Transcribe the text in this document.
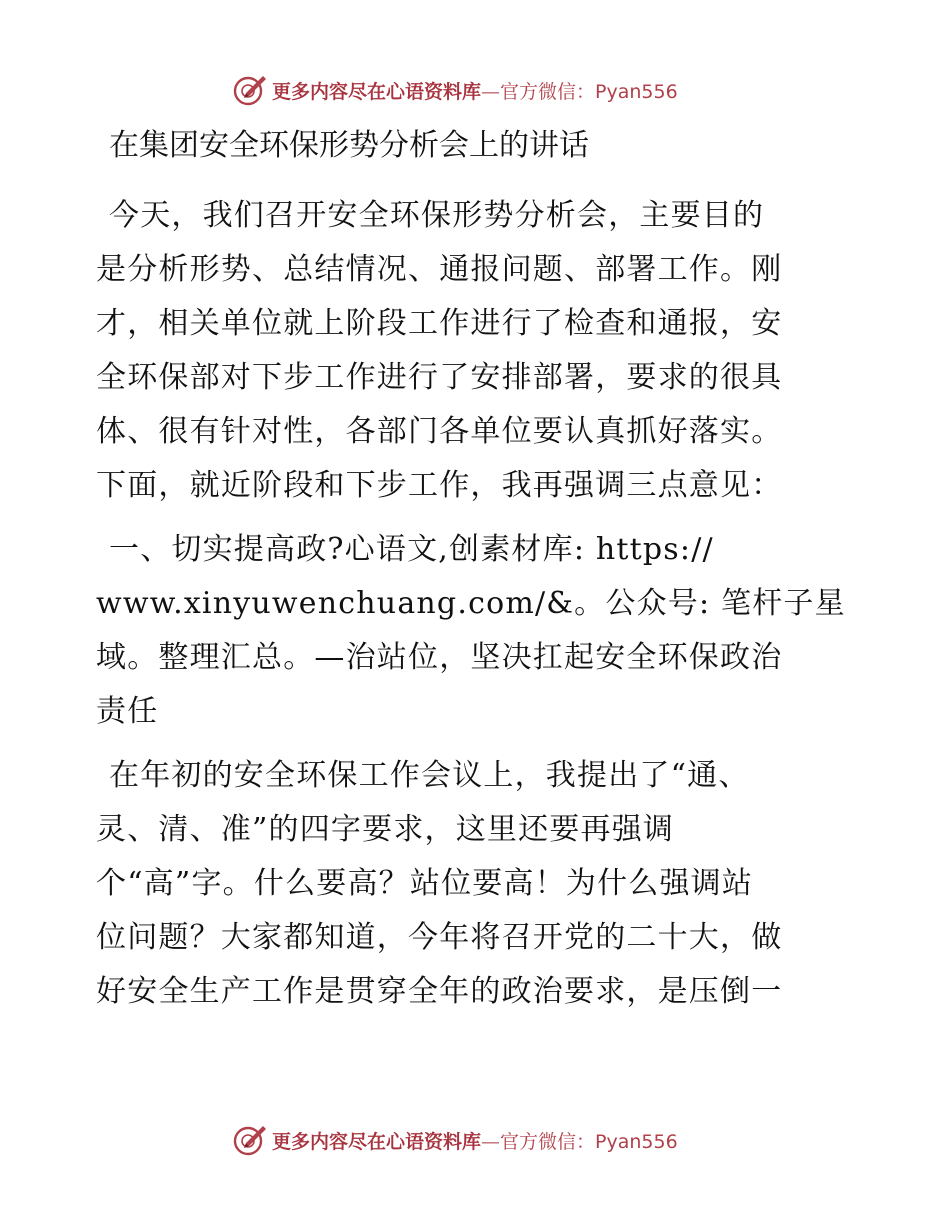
更多内容尽在心语资料库—官方微信：Pyan556
在集团安全环保形势分析会上的讲话
今天，我们召开安全环保形势分析会，主要目的
是分析形势、总结情况、通报问题、部署工作。刚
才，相关单位就上阶段工作进行了检查和通报，安
全环保部对下步工作进行了安排部署，要求的很具
体、很有针对性，各部门各单位要认真抓好落实。
下面，就近阶段和下步工作，我再强调三点意见：
一、切实提高政?心语文,创素材库: https://
www.xinyuwenchuang.com/&。公众号: 笔杆子星
域。整理汇总。—治站位，坚决扛起安全环保政治
责任
在年初的安全环保工作会议上，我提出了“通、
灵、清、准”的四字要求，这里还要再强调
个“高”字。什么要高？站位要高！为什么强调站
位问题？大家都知道，今年将召开党的二十大，做
好安全生产工作是贯穿全年的政治要求，是压倒一
更多内容尽在心语资料库—官方微信：Pyan556
